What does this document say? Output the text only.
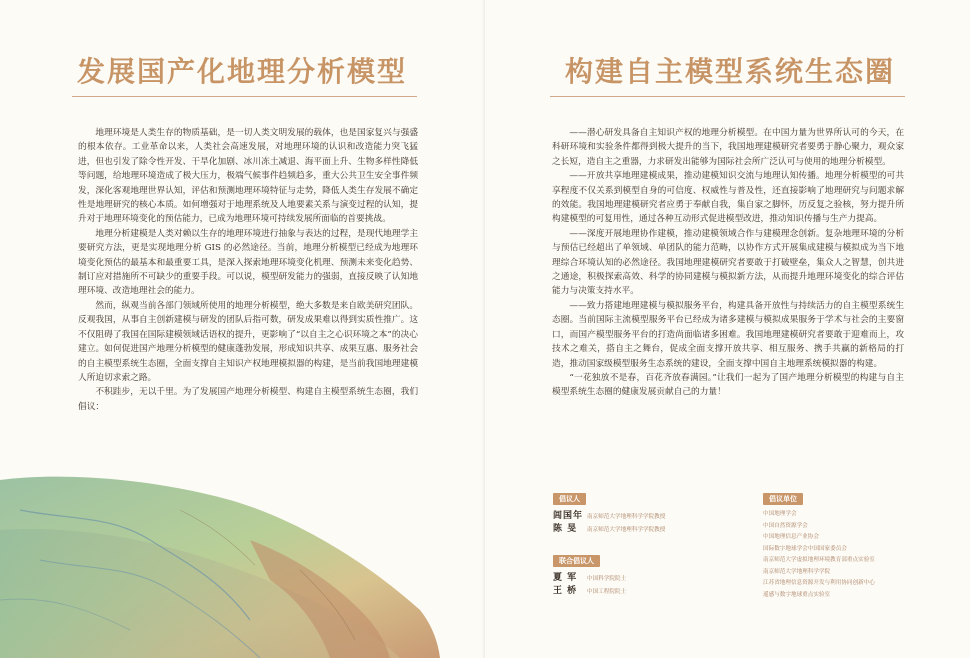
发展国产化地理分析模型

地理环境是人类生存的物质基础，是一切人类文明发展的载体，也是国家复兴与强盛的根本依存。工业革命以来，人类社会高速发展，对地理环境的认识和改造能力突飞猛进，但也引发了除令性开发、干旱化加剧、冰川冻土减退、海平面上升、生物多样性降低等问题，给地理环境造成了极大压力，极端气候事件趋频趋多，重大公共卫生安全事件频发，深化客观地理世界认知，评估和预测地理环境特征与走势，降低人类生存发展不确定性是地理研究的核心本质。如何增强对于地理系统及人地要素关系与演变过程的认知，提升对于地理环境变化的预估能力，已成为地理环境可持续发展所面临的首要挑战。

地理分析建模是人类对赖以生存的地理环境进行抽象与表达的过程，是现代地理学主要研究方法，更是实现地理分析 GIS 的必然途径。当前，地理分析模型已经成为地理环境变化预估的最基本和最重要工具，是深入探索地理环境变化机理、预测未来变化趋势、制订应对措施所不可缺少的重要手段。可以说，模型研发能力的强弱，直接反映了认知地理环境、改造地理社会的能力。

然而，纵观当前各部门领域所使用的地理分析模型，绝大多数是来自欧美研究团队。反观我国，从事自主创新建模与研发的团队后指可数，研发成果难以得到实质性推广。这不仅阻碍了我国在国际建模领域话语权的提升，更影响了“以自主之心识环境之本”的决心建立。如何促进国产地理分析模型的健康蓬勃发展，形成知识共享、成果互惠、服务社会的自主模型系统生态圈，全面支撑自主知识产权地理模拟器的构建，是当前我国地理建模人所迫切求索之路。

不积跬步，无以千里。为了发展国产地理分析模型、构建自主模型系统生态圈，我们倡议：

构建自主模型系统生态圈

——潜心研发具备自主知识产权的地理分析模型。在中国力量为世界所认可的今天，在科研环境和实验条件都得到极大提升的当下，我国地理建模研究者要勇于静心聚力，观众家之长短，造自主之重器，力求研发出能够为国际社会所广泛认可与使用的地理分析模型。

——开放共享地理建模成果，推动建模知识交流与地理认知传播。地理分析模型的可共享程度不仅关系到模型自身的可信度、权威性与普及性，还直接影响了地理研究与问题求解的效能。我国地理建模研究者应勇于奉献自我，集自家之脚怀，历反复之验核，努力提升所构建模型的可复用性，通过各种互动形式促进模型改进，推动知识传播与生产力提高。

——深度开展地理协作建模，推动建模领域合作与建模理念创新。复杂地理环境的分析与预估已经超出了单领域、单团队的能力范畴，以协作方式开展集成建模与模拟成为当下地理综合环境认知的必然途径。我国地理建模研究者要敢于打破壁垒，集众人之智慧，创共进之通途，积极探索高效、科学的协同建模与模拟新方法，从而提升地理环境变化的综合评估能力与决策支持水平。

——致力搭建地理建模与模拟服务平台，构建具备开放性与持续活力的自主模型系统生态圈。当前国际主流模型服务平台已经成为诸多建模与模拟成果服务于学术与社会的主要窗口，而国产模型服务平台的打造尚面临诸多困难。我国地理建模研究者要敢于迎难而上，攻技术之难关，搭自主之舞台，促成全面支撑开放共享、相互服务、携手共赢的新格局的打造，推动国家级模型服务生态系统的建设，全面支撑中国自主地理系统模拟器的构建。

“一花独放不是春，百花齐放春满园。”让我们一起为了国产地理分析模型的构建与自主模型系统生态圈的健康发展贡献自己的力量！

倡议人
闾国年 南京师范大学地理科学学院教授
陈 旻	南京师范大学地理科学学院教授
联合倡议人
夏 军	中国科学院院士
王 桥	中国工程院院士
倡议单位
中国地理学会
中国自然资源学会
中国地理信息产业协会
国际数字地球学会中国国家委员会
南京师范大学虚拟地理环境教育部重点实验室
南京师范大学地理科学学院
江苏省地理信息资源开发与利用协同创新中心
遥感与数字地球重点实验室
